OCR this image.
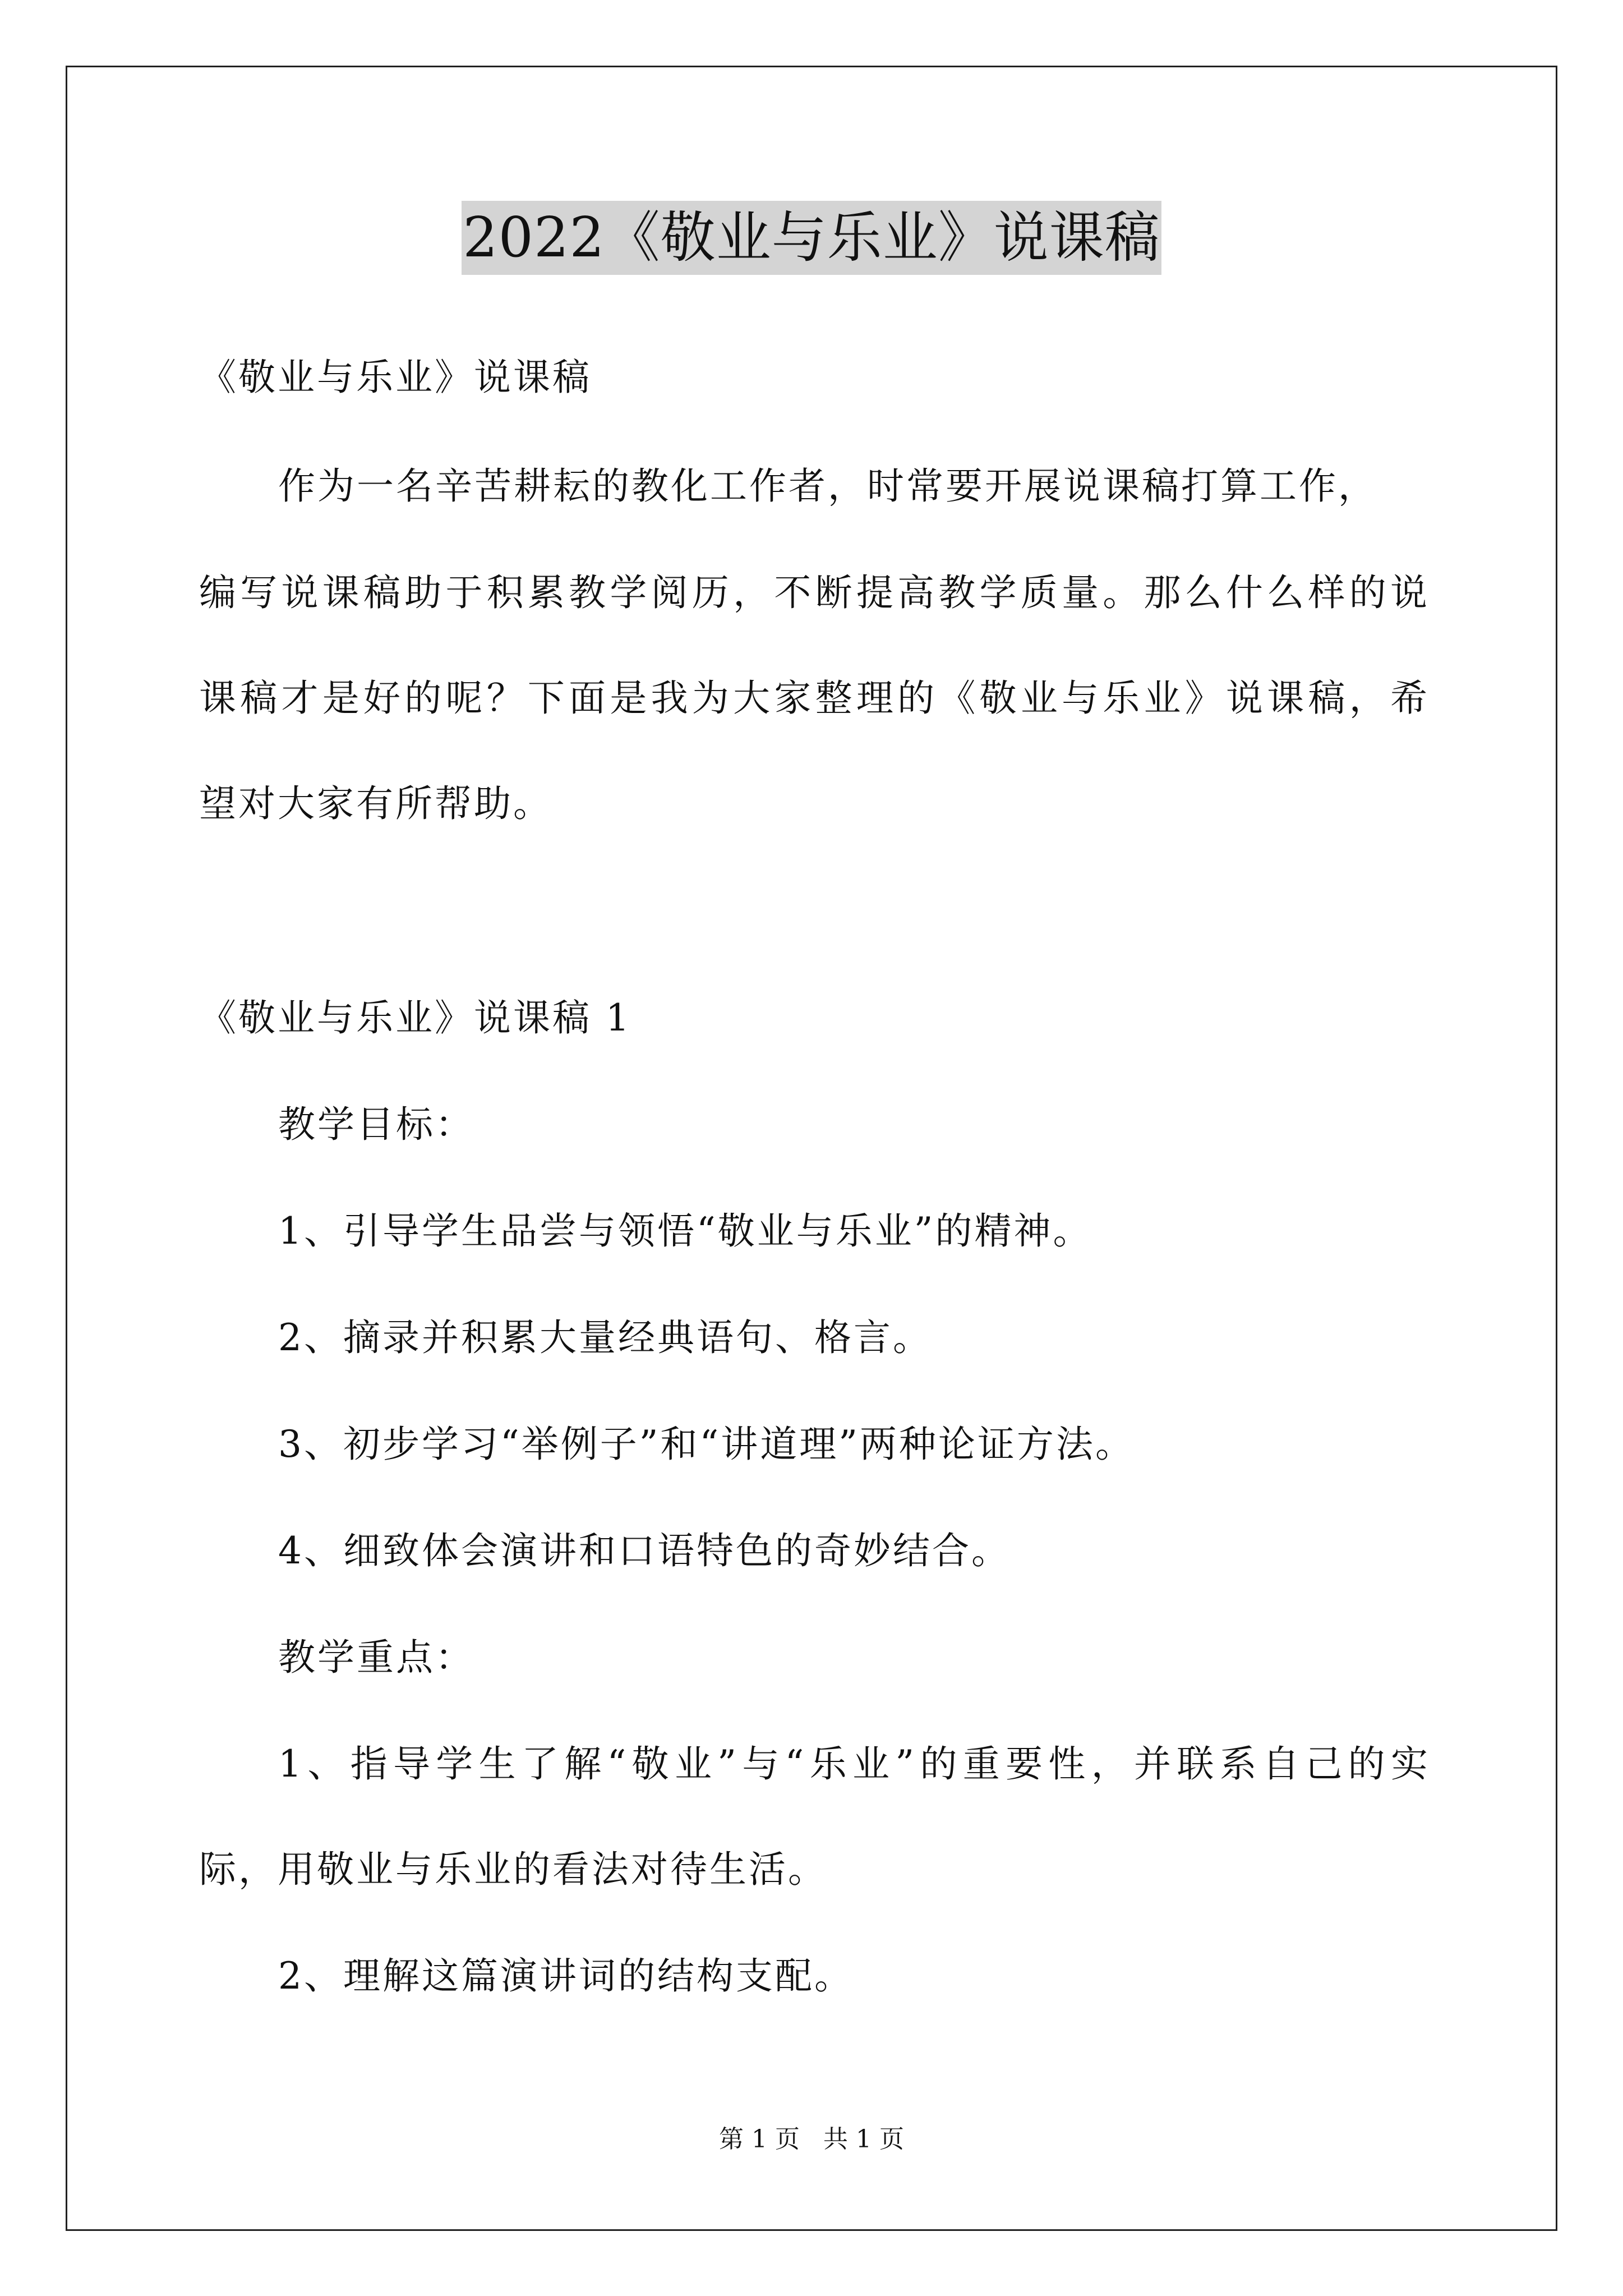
2022《敬业与乐业》说课稿
《敬业与乐业》说课稿
作为一名辛苦耕耘的教化工作者，时常要开展说课稿打算工作，
编写说课稿助于积累教学阅历，不断提高教学质量。那么什么样的说
课稿才是好的呢？下面是我为大家整理的《敬业与乐业》说课稿，希
望对大家有所帮助。
《敬业与乐业》说课稿 1
教学目标：
1、引导学生品尝与领悟“敬业与乐业”的精神。
2、摘录并积累大量经典语句、格言。
3、初步学习“举例子”和“讲道理”两种论证方法。
4、细致体会演讲和口语特色的奇妙结合。
教学重点：
1、指导学生了解“敬业”与“乐业”的重要性，并联系自己的实
际，用敬业与乐业的看法对待生活。
2、理解这篇演讲词的结构支配。
第 1 页 共 1 页
